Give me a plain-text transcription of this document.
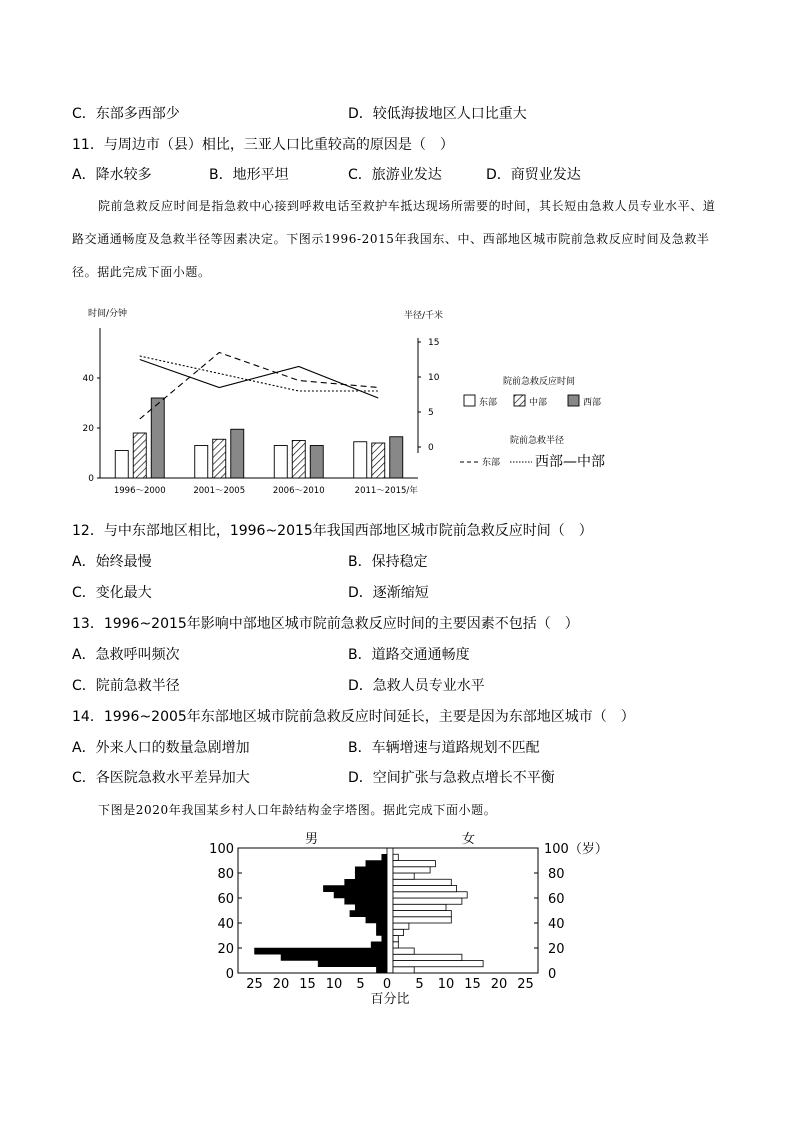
C．东部多西部少	D．较低海拔地区人口比重大
11．与周边市（县）相比，三亚人口比重较高的原因是（　）
A．降水较多	B．地形平坦	C．旅游业发达	D．商贸业发达
院前急救反应时间是指急救中心接到呼救电话至救护车抵达现场所需要的时间，其长短由急救人员专业水平、道路交通通畅度及急救半径等因素决定。下图示1996-2015年我国东、中、西部地区城市院前急救反应时间及急救半径。据此完成下面小题。
时间/分钟	半径/千米
0
20
40
0
5
10
15
1996～2000	2001～2005	2006～2010	2011～2015/年
院前急救反应时间
东部	中部	西部
院前急救半径
东部 西部—中部
12．与中东部地区相比，1996~2015年我国西部地区城市院前急救反应时间（　）
A．始终最慢	B．保持稳定
C．变化最大	D．逐渐缩短
13．1996~2015年影响中部地区城市院前急救反应时间的主要因素不包括（　）
A．急救呼叫频次	B．道路交通通畅度
C．院前急救半径	D．急救人员专业水平
14．1996~2005年东部地区城市院前急救反应时间延长，主要是因为东部地区城市（　）
A．外来人口的数量急剧增加	B．车辆增速与道路规划不匹配
C．各医院急救水平差异加大	D．空间扩张与急救点增长不平衡
下图是2020年我国某乡村人口年龄结构金字塔图。据此完成下面小题。
男	女
0	0
20	20
40	40
60	60
80	80
100	100（岁）
25 20 15 10 5 0 5 10 15 20 25
百分比
